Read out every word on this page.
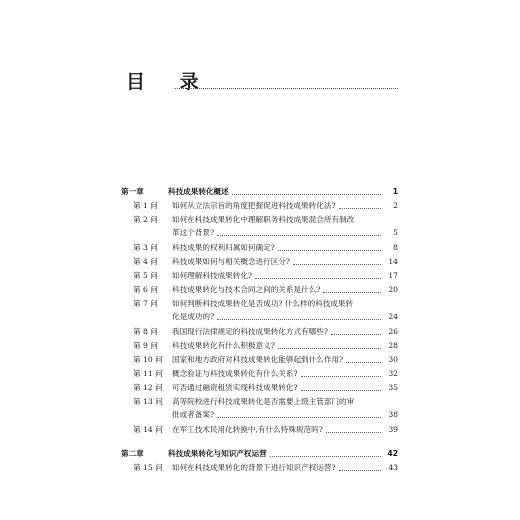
目 录
第一章	科技成果转化概述	1
第 1 问 如何从立法宗旨的角度把握促进科技成果转化法?	2
第 2 问 如何在科技成果转化中理解职务科技成果混合所有制改
革这个背景?	5
第 3 问 科技成果的权利归属如何确定?	8
第 4 问 科技成果如何与相关概念进行区分?	14
第 5 问 如何理解科技成果转化?	17
第 6 问 科技成果转化与技术合同之间的关系是什么?	20
第 7 问 如何判断科技成果转化是否成功? 什么样的科技成果转
化是成功的?	24
第 8 问 我国现行法律规定的科技成果转化方式有哪些?	26
第 9 问 科技成果转化有什么积极意义?	28
第 10 问 国家和地方政府对科技成果转化能够起到什么作用?	30
第 11 问 概念验证与科技成果转化有什么关系?	32
第 12 问 可否通过融资租赁实现科技成果转化?	35
第 13 问 高等院校进行科技成果转化是否需要上级主管部门的审
批或者备案?	38
第 14 问 在军工技术民用化转换中,有什么特殊规范吗?	39
第二章	科技成果转化与知识产权运营	42
第 15 问 如何在科技成果转化的背景下进行知识产权运营?	43
